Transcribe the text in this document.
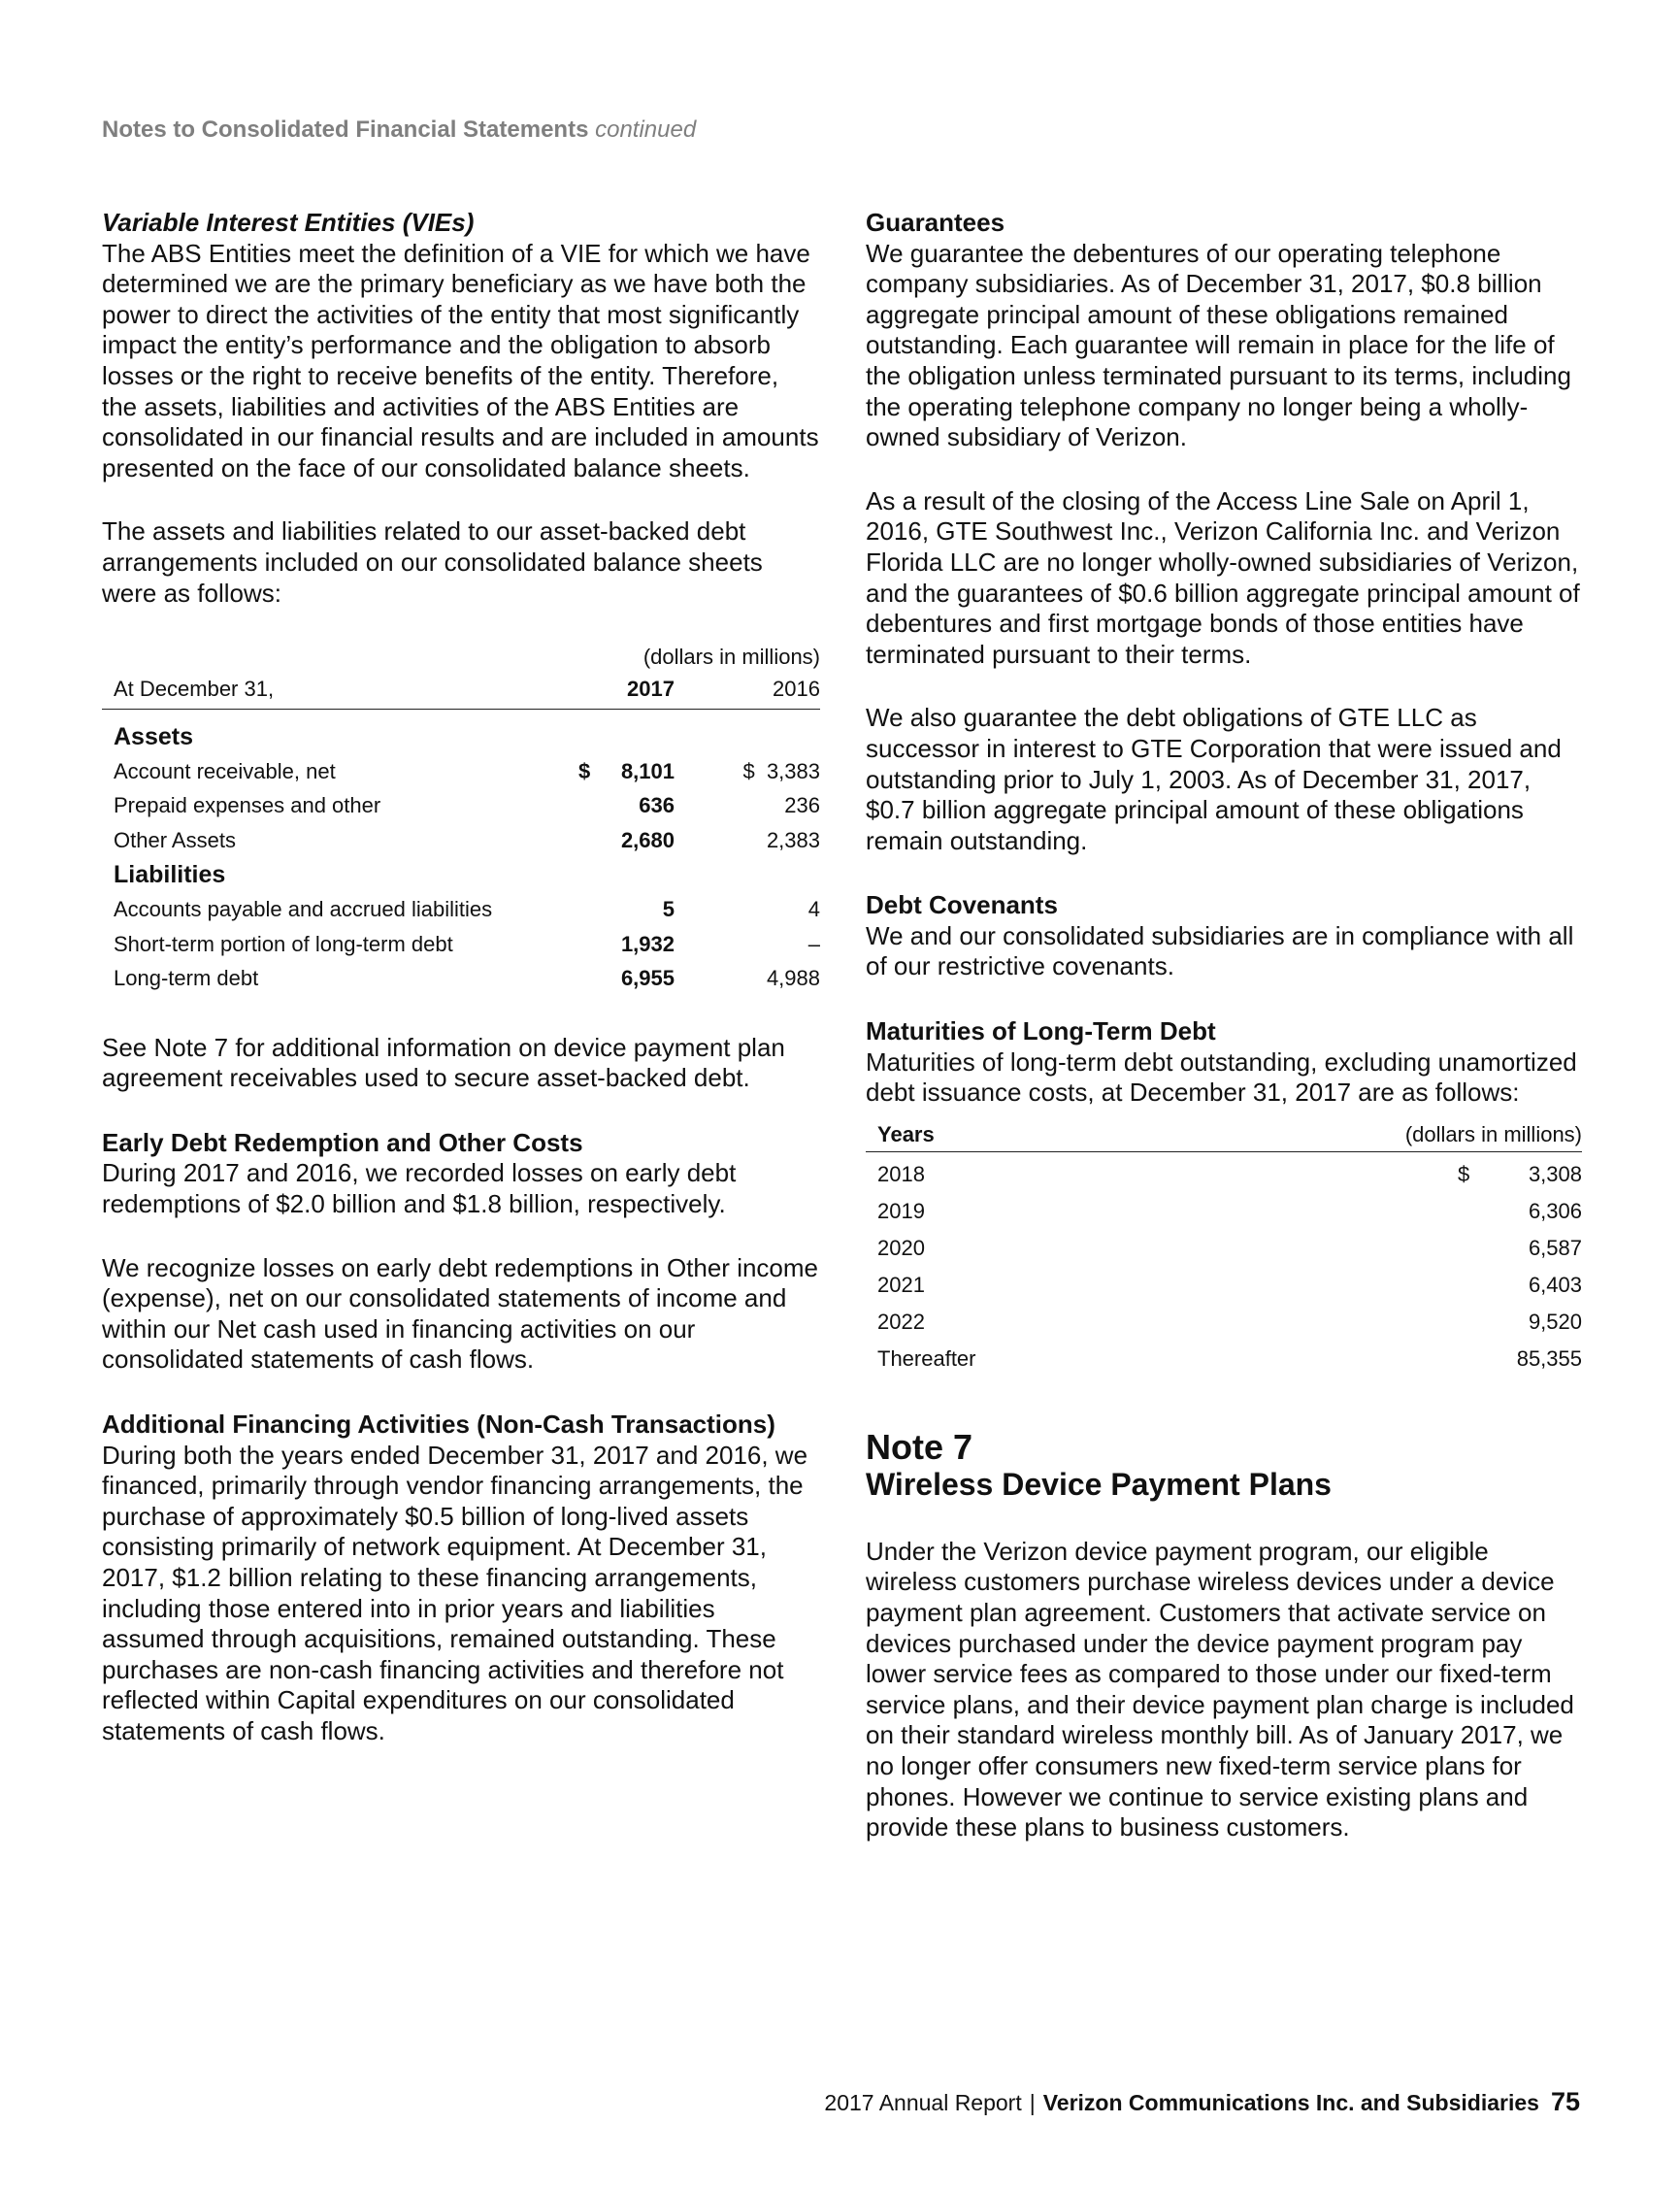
Notes to Consolidated Financial Statements continued
Variable Interest Entities (VIEs)

The ABS Entities meet the definition of a VIE for which we have determined we are the primary beneficiary as we have both the power to direct the activities of the entity that most significantly impact the entity’s performance and the obligation to absorb losses or the right to receive benefits of the entity. Therefore, the assets, liabilities and activities of the ABS Entities are consolidated in our financial results and are included in amounts presented on the face of our consolidated balance sheets.

The assets and liabilities related to our asset-backed debt arrangements included on our consolidated balance sheets were as follows:

(dollars in millions)
At December 31,	2017	2016
Assets
Account receivable, net	$ 8,101	$ 3,383
Prepaid expenses and other	636	236
Other Assets	2,680	2,383
Liabilities
Accounts payable and accrued liabilities	5	4
Short-term portion of long-term debt	1,932	–
Long-term debt	6,955	4,988

See Note 7 for additional information on device payment plan agreement receivables used to secure asset-backed debt.

Early Debt Redemption and Other Costs

During 2017 and 2016, we recorded losses on early debt redemptions of $2.0 billion and $1.8 billion, respectively.

We recognize losses on early debt redemptions in Other income (expense), net on our consolidated statements of income and within our Net cash used in financing activities on our consolidated statements of cash flows.

Additional Financing Activities (Non-Cash Transactions)

During both the years ended December 31, 2017 and 2016, we financed, primarily through vendor financing arrangements, the purchase of approximately $0.5 billion of long-lived assets consisting primarily of network equipment. At December 31, 2017, $1.2 billion relating to these financing arrangements, including those entered into in prior years and liabilities assumed through acquisitions, remained outstanding. These purchases are non-cash financing activities and therefore not reflected within Capital expenditures on our consolidated statements of cash flows.

Guarantees

We guarantee the debentures of our operating telephone company subsidiaries. As of December 31, 2017, $0.8 billion aggregate principal amount of these obligations remained outstanding. Each guarantee will remain in place for the life of the obligation unless terminated pursuant to its terms, including the operating telephone company no longer being a wholly-owned subsidiary of Verizon.

As a result of the closing of the Access Line Sale on April 1, 2016, GTE Southwest Inc., Verizon California Inc. and Verizon Florida LLC are no longer wholly-owned subsidiaries of Verizon, and the guarantees of $0.6 billion aggregate principal amount of debentures and first mortgage bonds of those entities have terminated pursuant to their terms.

We also guarantee the debt obligations of GTE LLC as successor in interest to GTE Corporation that were issued and outstanding prior to July 1, 2003. As of December 31, 2017, $0.7 billion aggregate principal amount of these obligations remain outstanding.

Debt Covenants

We and our consolidated subsidiaries are in compliance with all of our restrictive covenants.

Maturities of Long-Term Debt

Maturities of long-term debt outstanding, excluding unamortized debt issuance costs, at December 31, 2017 are as follows:

Years	(dollars in millions)
2018	$	3,308
2019	6,306
2020	6,587
2021	6,403
2022	9,520
Thereafter	85,355
Note 7
Wireless Device Payment Plans

Under the Verizon device payment program, our eligible wireless customers purchase wireless devices under a device payment plan agreement. Customers that activate service on devices purchased under the device payment program pay lower service fees as compared to those under our fixed-term service plans, and their device payment plan charge is included on their standard wireless monthly bill. As of January 2017, we no longer offer consumers new fixed-term service plans for phones. However we continue to service existing plans and provide these plans to business customers.

2017 Annual Report | Verizon Communications Inc. and Subsidiaries 75
